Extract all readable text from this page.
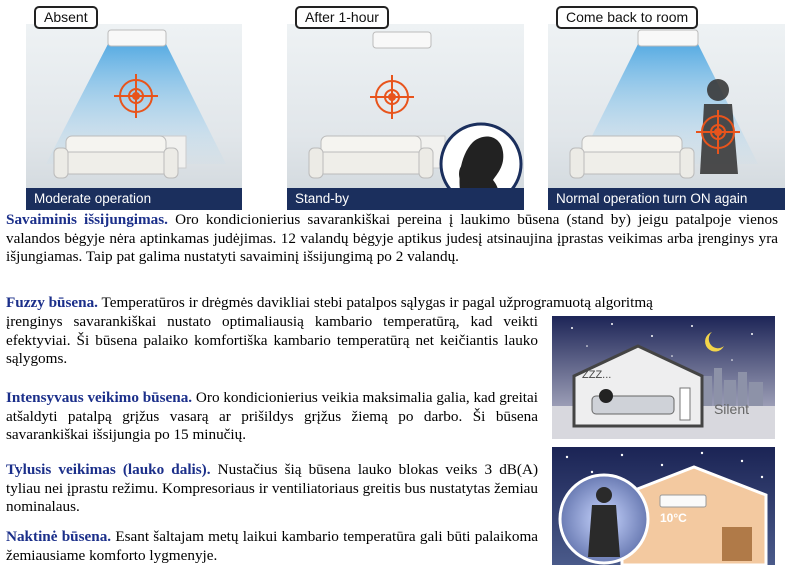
Absent
Moderate operation
After 1-hour
Stand-by
Come back to room
Normal operation turn ON again
Savaiminis išsijungimas. Oro kondicionierius savarankiškai pereina į laukimo būsena (stand by) jeigu patalpoje vienos valandos bėgyje nėra aptinkamas judėjimas. 12 valandų bėgyje aptikus judesį atsinaujina įprastas veikimas arba įrenginys yra išjungiamas. Taip pat galima nustatyti savaiminį išsijungimą po 2 valandų.
Fuzzy būsena. Temperatūros ir drėgmės davikliai stebi patalpos sąlygas ir pagal užprogramuotą algoritmą
įrenginys savarankiškai nustato optimaliausią kambario temperatūrą, kad veikti efektyviai. Ši būsena palaiko komfortiška kambario temperatūrą net keičiantis lauko sąlygoms.
Intensyvaus veikimo būsena. Oro kondicionierius veikia maksimalia galia, kad greitai atšaldyti patalpą grįžus vasarą ar prišildys grįžus žiemą po darbo. Ši būsena savarankiškai išsijungia po 15 minučių.
Tylusis veikimas (lauko dalis). Nustačius šią būsena lauko blokas veiks 3 dB(A) tyliau nei įprastu režimu. Kompresoriaus ir ventiliatoriaus greitis bus nustatytas žemiau nominalaus.
Naktinė būsena. Esant šaltajam metų laikui kambario temperatūra gali būti palaikoma žemiausiame komforto lygmenyje.
ZZZ...
Silent
10°C
